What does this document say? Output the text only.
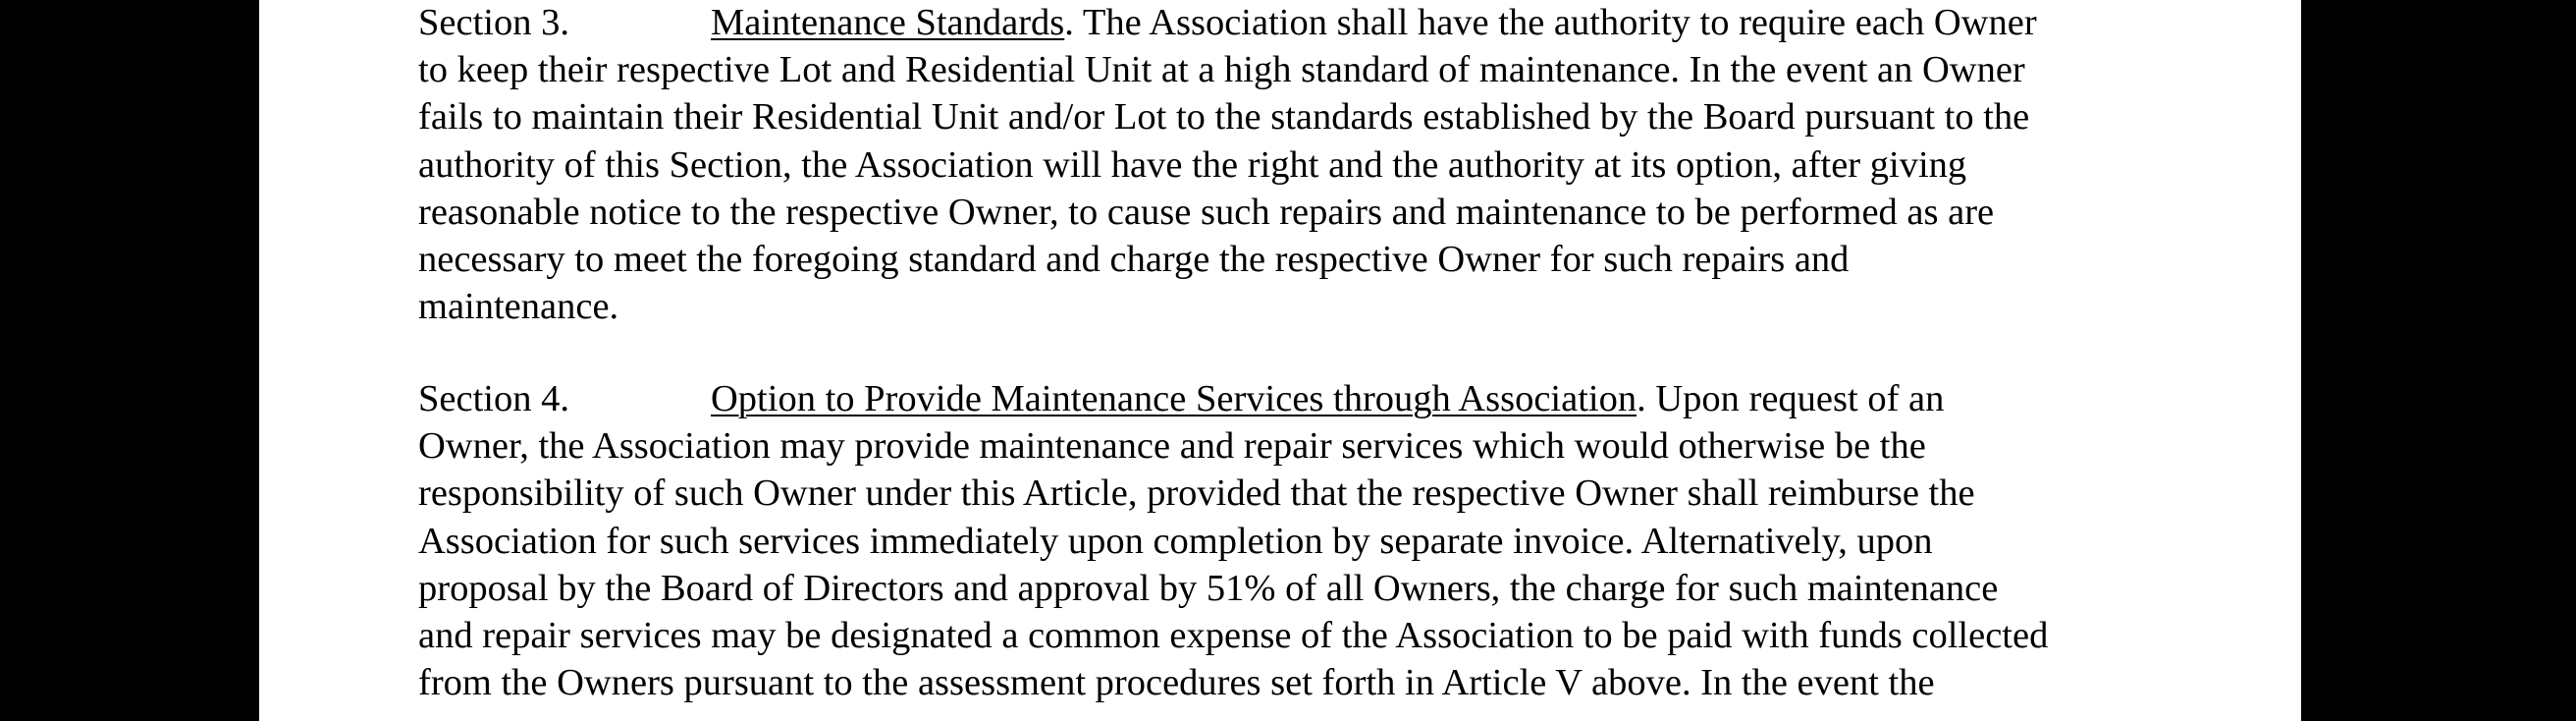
Section 3.	Maintenance Standards. The Association shall have the authority to require each Owner
to keep their respective Lot and Residential Unit at a high standard of maintenance. In the event an Owner
fails to maintain their Residential Unit and/or Lot to the standards established by the Board pursuant to the
authority of this Section, the Association will have the right and the authority at its option, after giving
reasonable notice to the respective Owner, to cause such repairs and maintenance to be performed as are
necessary to meet the foregoing standard and charge the respective Owner for such repairs and
maintenance.
Section 4.	Option to Provide Maintenance Services through Association. Upon request of an
Owner, the Association may provide maintenance and repair services which would otherwise be the
responsibility of such Owner under this Article, provided that the respective Owner shall reimburse the
Association for such services immediately upon completion by separate invoice. Alternatively, upon
proposal by the Board of Directors and approval by 51% of all Owners, the charge for such maintenance
and repair services may be designated a common expense of the Association to be paid with funds collected
from the Owners pursuant to the assessment procedures set forth in Article V above. In the event the
